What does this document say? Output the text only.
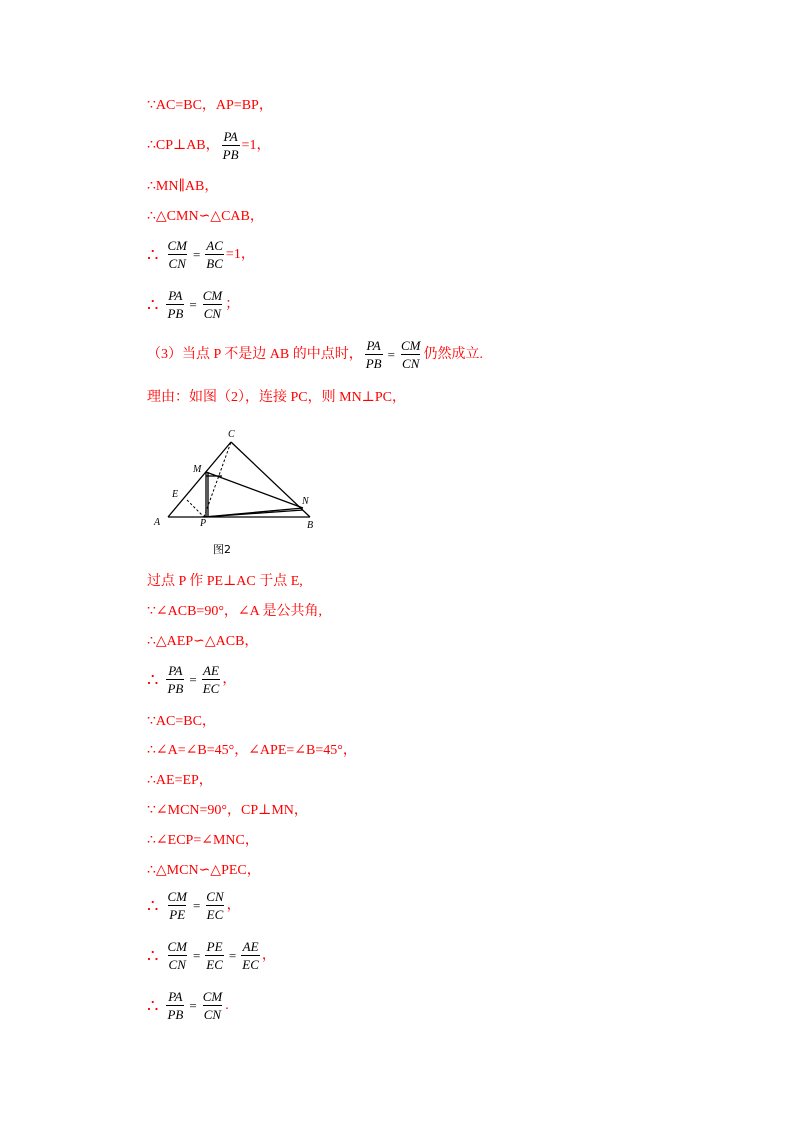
∵AC=BC，AP=BP，
∴CP⊥AB， $\frac{PA}{PB} =1$，
∴MN∥AB，
∴△CMN∽△CAB，
∴ $\frac{CM}{CN} = \frac{AC}{BC} =1$，
∴ $\frac{PA}{PB} = \frac{CM}{CN}$ ；
（3）当点 P 不是边 AB 的中点时， $\frac{PA}{PB} = \frac{CM}{CN}$ 仍然成立.
理由：如图（2），连接 PC，则 MN⊥PC，
C
M
E
N
A	P	B
图2
过点 P 作 PE⊥AC 于点 E,
∵∠ACB=90°，∠A 是公共角,
∴△AEP∽△ACB，
∴ $\frac{PA}{PB} = \frac{AE}{EC}$ ，
∵AC=BC，
∴∠A=∠B=45°，∠APE=∠B=45°，
∴AE=EP，
∵∠MCN=90°，CP⊥MN，
∴∠ECP=∠MNC，
∴△MCN∽△PEC，
∴ $\frac{CM}{PE} = \frac{CN}{EC}$ ，
∴ $\frac{CM}{CN} = \frac{PE}{EC} = \frac{AE}{EC}$ ，
∴ $\frac{PA}{PB} = \frac{CM}{CN}$ .
